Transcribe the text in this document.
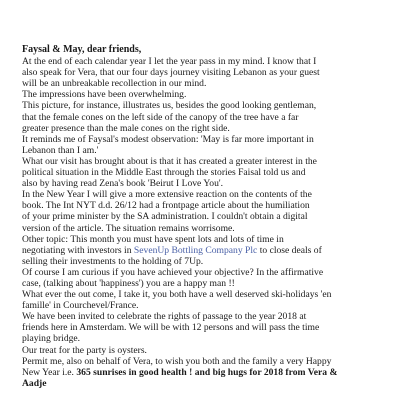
Faysal & May, dear friends,
At the end of each calendar year I let the year pass in my mind. I know that I
also speak for Vera, that our four days journey visiting Lebanon as your guest
will be an unbreakable recollection in our mind.
The impressions have been overwhelming.
This picture, for instance, illustrates us, besides the good looking gentleman,
that the female cones on the left side of the canopy of the tree have a far
greater presence than the male cones on the right side.
It reminds me of Faysal's modest observation: 'May is far more important in
Lebanon than I am.'
What our visit has brought about is that it has created a greater interest in the
political situation in the Middle East through the stories Faisal told us and
also by having read Zena's book 'Beirut I Love You'.
In the New Year I will give a more extensive reaction on the contents of the
book. The Int NYT d.d. 26/12 had a frontpage article about the humiliation
of your prime minister by the SA administration. I couldn't obtain a digital
version of the article. The situation remains worrisome.
Other topic: This month you must have spent lots and lots of time in
negotiating with investors in SevenUp Bottling Company Plc to close deals of
selling their investments to the holding of 7Up.
Of course I am curious if you have achieved your objective? In the affirmative
case, (talking about 'happiness') you are a happy man !!
What ever the out come, I take it, you both have a well deserved ski-holidays 'en
famille' in Courchevel/France.
We have been invited to celebrate the rights of passage to the year 2018 at
friends here in Amsterdam. We will be with 12 persons and will pass the time
playing bridge.
Our treat for the party is oysters.
Permit me, also on behalf of Vera, to wish you both and the family a very Happy
New Year i.e. 365 sunrises in good health ! and big hugs for 2018 from Vera &
Aadje
